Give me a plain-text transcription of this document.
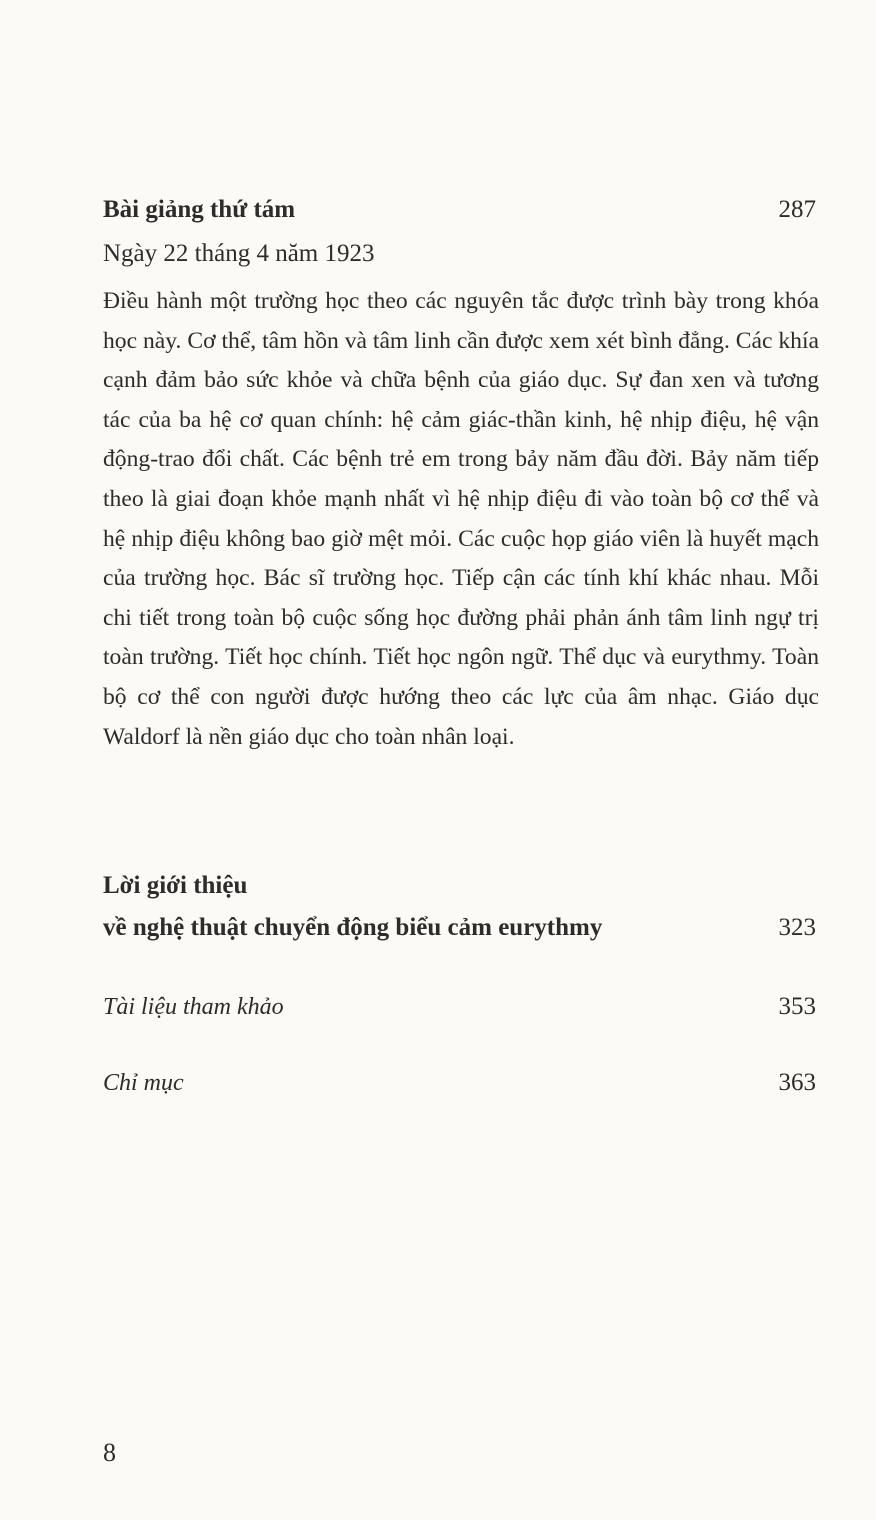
Bài giảng thứ tám	287
Ngày 22 tháng 4 năm 1923
Điều hành một trường học theo các nguyên tắc được trình bày trong khóa học này. Cơ thể, tâm hồn và tâm linh cần được xem xét bình đẳng. Các khía cạnh đảm bảo sức khỏe và chữa bệnh của giáo dục. Sự đan xen và tương tác của ba hệ cơ quan chính: hệ cảm giác-thần kinh, hệ nhịp điệu, hệ vận động-trao đổi chất. Các bệnh trẻ em trong bảy năm đầu đời. Bảy năm tiếp theo là giai đoạn khỏe mạnh nhất vì hệ nhịp điệu đi vào toàn bộ cơ thể và hệ nhịp điệu không bao giờ mệt mỏi. Các cuộc họp giáo viên là huyết mạch của trường học. Bác sĩ trường học. Tiếp cận các tính khí khác nhau. Mỗi chi tiết trong toàn bộ cuộc sống học đường phải phản ánh tâm linh ngự trị toàn trường. Tiết học chính. Tiết học ngôn ngữ. Thể dục và eurythmy. Toàn bộ cơ thể con người được hướng theo các lực của âm nhạc. Giáo dục Waldorf là nền giáo dục cho toàn nhân loại.
Lời giới thiệu
về nghệ thuật chuyển động biểu cảm eurythmy	323
Tài liệu tham khảo	353
Chỉ mục	363
8
